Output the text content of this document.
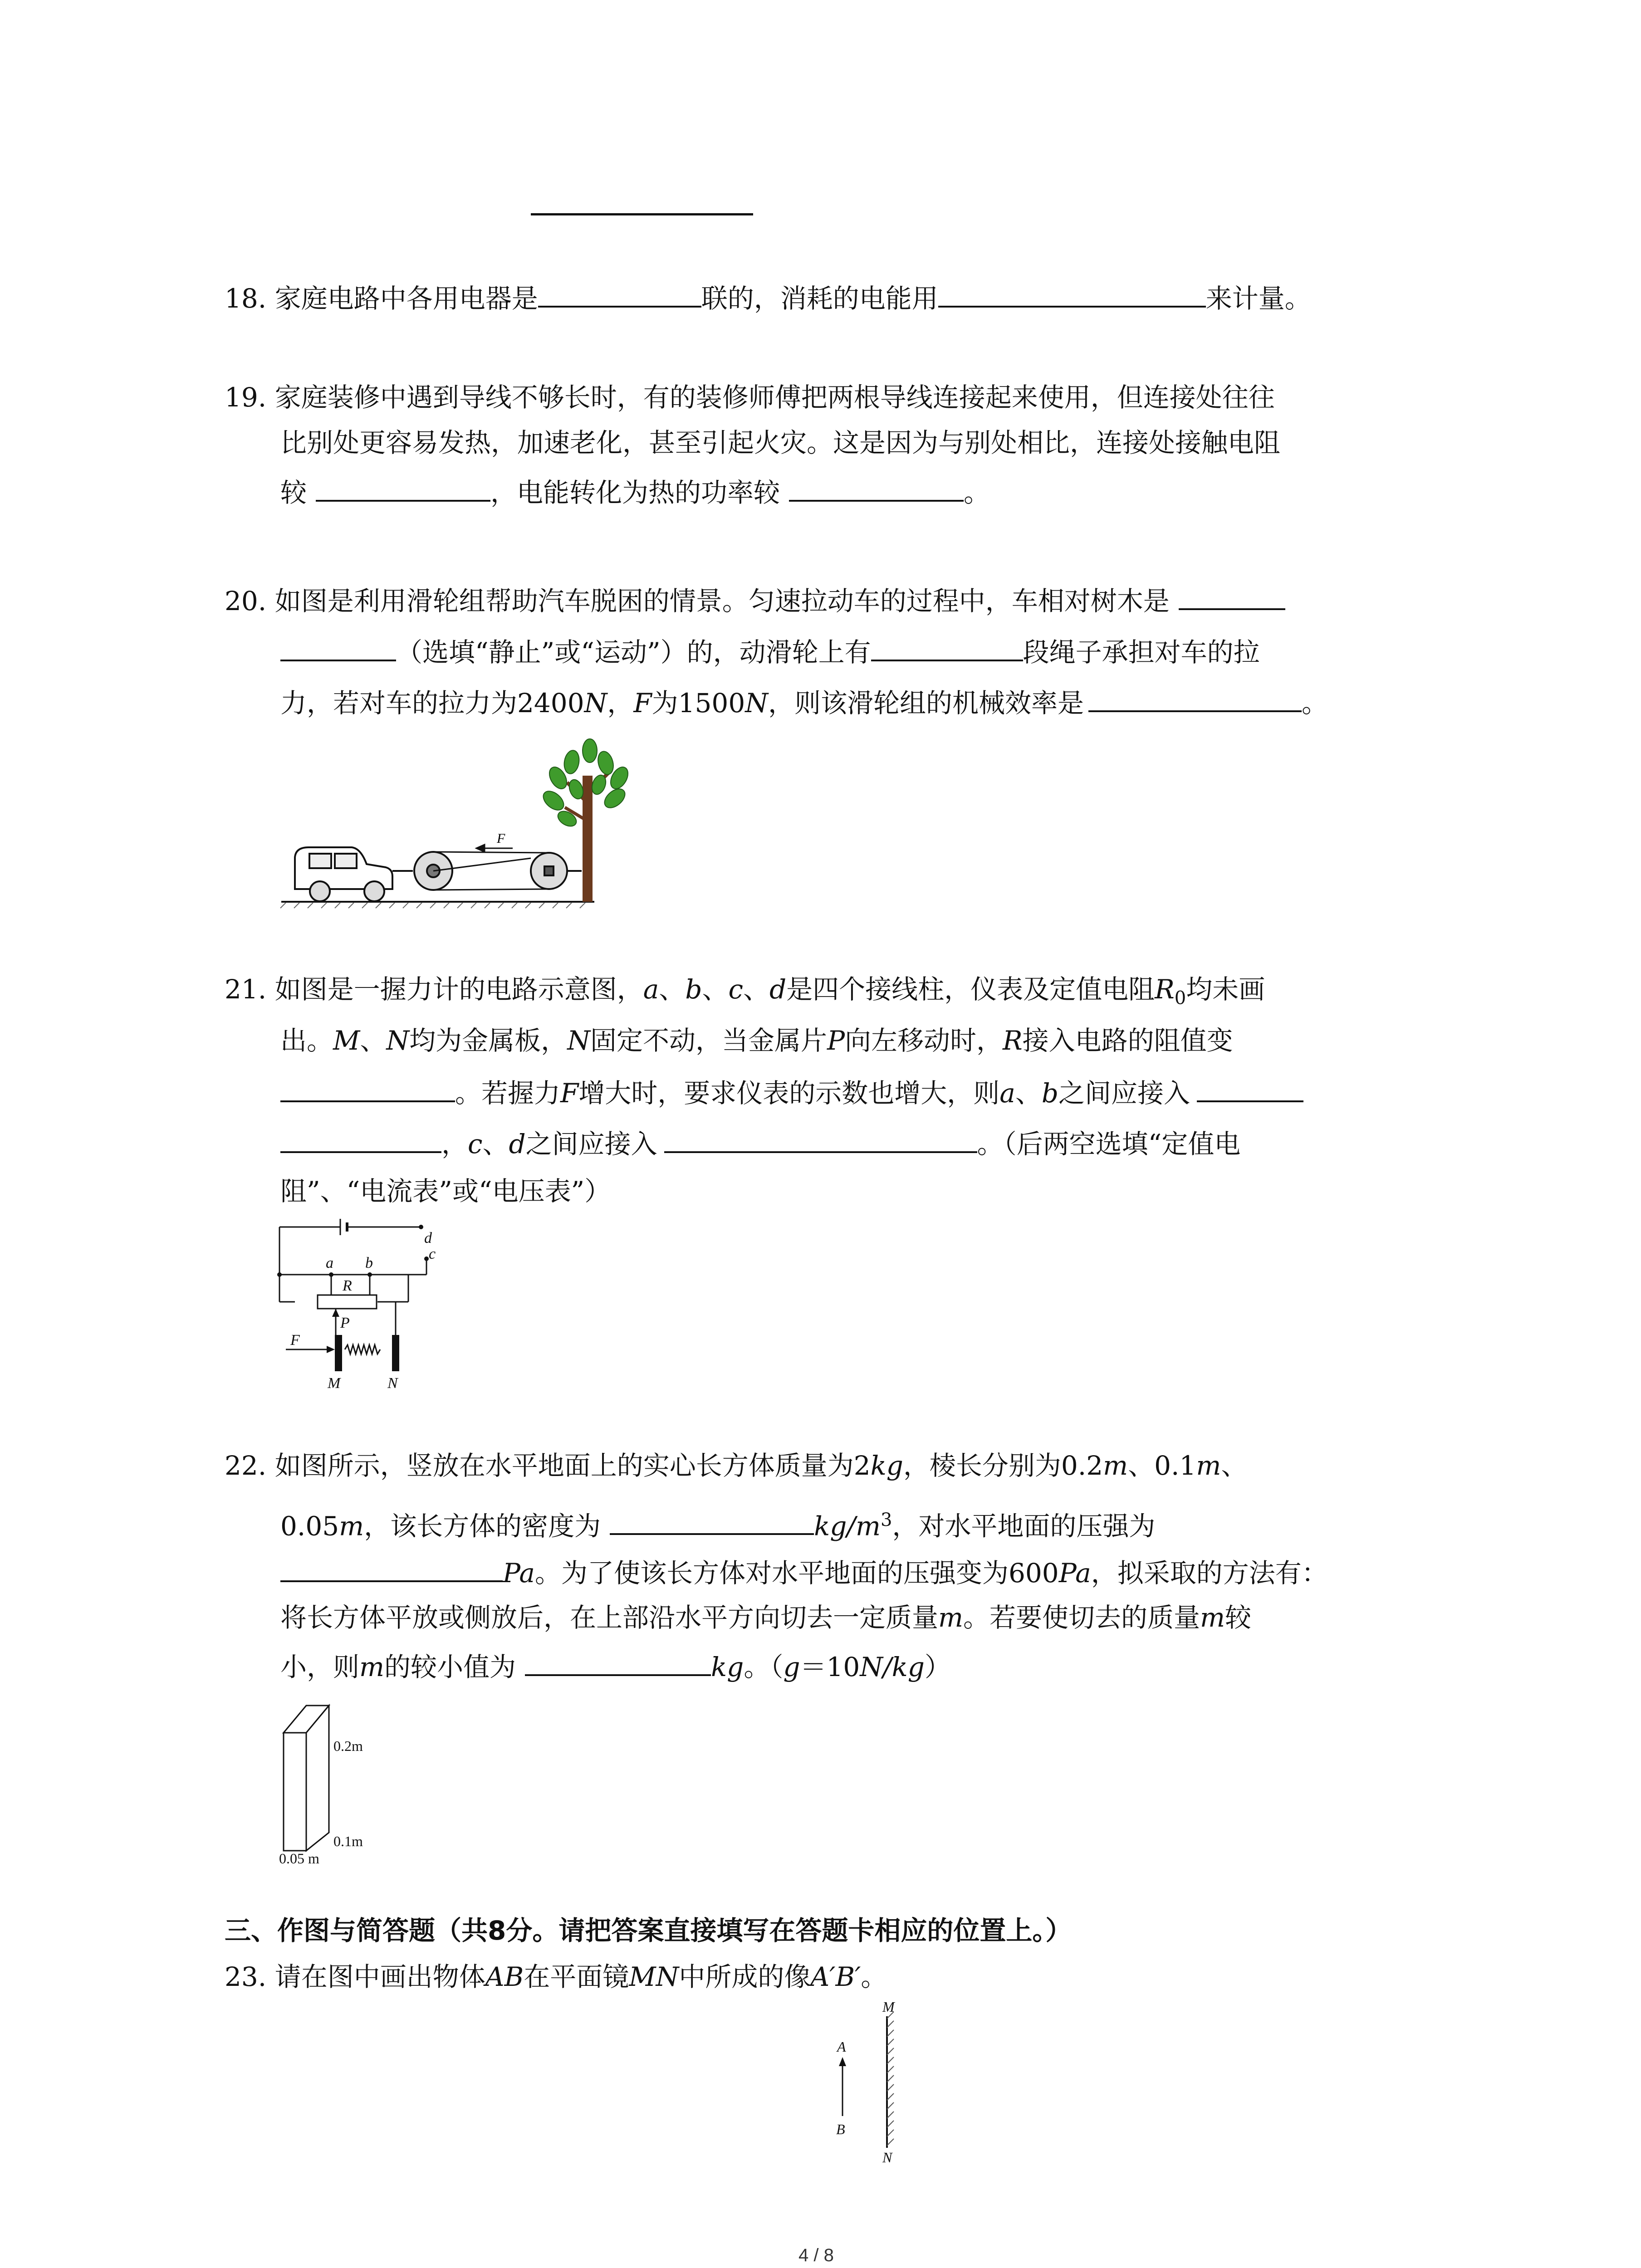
18. 家庭电路中各用电器是	联的，消耗的电能用	来计量。
19. 家庭装修中遇到导线不够长时，有的装修师傅把两根导线连接起来使用，但连接处往往
比别处更容易发热，加速老化，甚至引起火灾。这是因为与别处相比，连接处接触电阻
较	，电能转化为热的功率较	。
20. 如图是利用滑轮组帮助汽车脱困的情景。匀速拉动车的过程中，车相对树木是
（选填“静止”或“运动”）的，动滑轮上有	段绳子承担对车的拉
力，若对车的拉力为2400N，F为1500N，则该滑轮组的机械效率是	。
F
21. 如图是一握力计的电路示意图，a、b、c、d是四个接线柱，仪表及定值电阻$R_0$均未画
出。M、N均为金属板，N固定不动，当金属片P向左移动时，R接入电路的阻值变
。若握力F增大时，要求仪表的示数也增大，则a、b之间应接入
，c、d之间应接入	。（后两空选填“定值电
阻”、“电流表”或“电压表”）
d
c
a b
R
P
F
M	N
22. 如图所示，竖放在水平地面上的实心长方体质量为2kg，棱长分别为0.2m、0.1m、
0.05m，该长方体的密度为	$kg/m^3$，对水平地面的压强为
Pa。为了使该长方体对水平地面的压强变为600Pa，拟采取的方法有：
将长方体平放或侧放后，在上部沿水平方向切去一定质量m。若要使切去的质量m较
小，则m的较小值为	kg。（g＝10N/kg）
0.2m
0.1m
0.05 m
三、作图与简答题（共8分。请把答案直接填写在答题卡相应的位置上。）
23. 请在图中画出物体AB在平面镜MN中所成的像A′B′。
M
N
A
B
4 / 8
